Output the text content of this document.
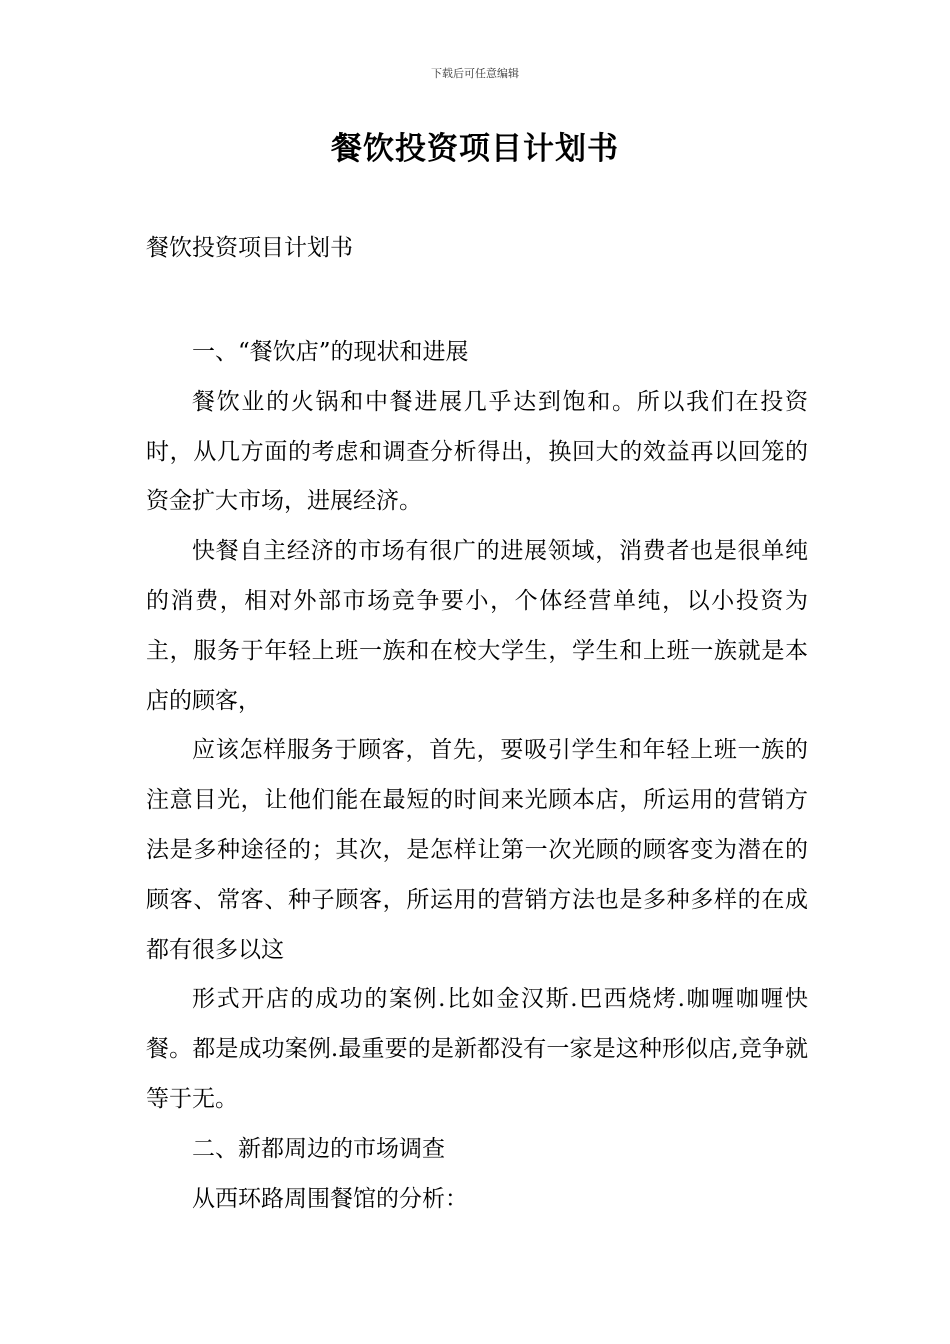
下载后可任意编辑
餐饮投资项目计划书
餐饮投资项目计划书

一、“餐饮店”的现状和进展

餐饮业的火锅和中餐进展几乎达到饱和。所以我们在投资时，从几方面的考虑和调查分析得出，换回大的效益再以回笼的资金扩大市场，进展经济。

快餐自主经济的市场有很广的进展领域，消费者也是很单纯的消费，相对外部市场竞争要小，个体经营单纯，以小投资为主，服务于年轻上班一族和在校大学生，学生和上班一族就是本店的顾客，

应该怎样服务于顾客，首先，要吸引学生和年轻上班一族的注意目光，让他们能在最短的时间来光顾本店，所运用的营销方法是多种途径的；其次，是怎样让第一次光顾的顾客变为潜在的顾客、常客、种子顾客，所运用的营销方法也是多种多样的在成都有很多以这

形式开店的成功的案例.比如金汉斯.巴西烧烤.咖喱咖喱快餐。都是成功案例.最重要的是新都没有一家是这种形似店,竞争就等于无。

二、新都周边的市场调查

从西环路周围餐馆的分析：
